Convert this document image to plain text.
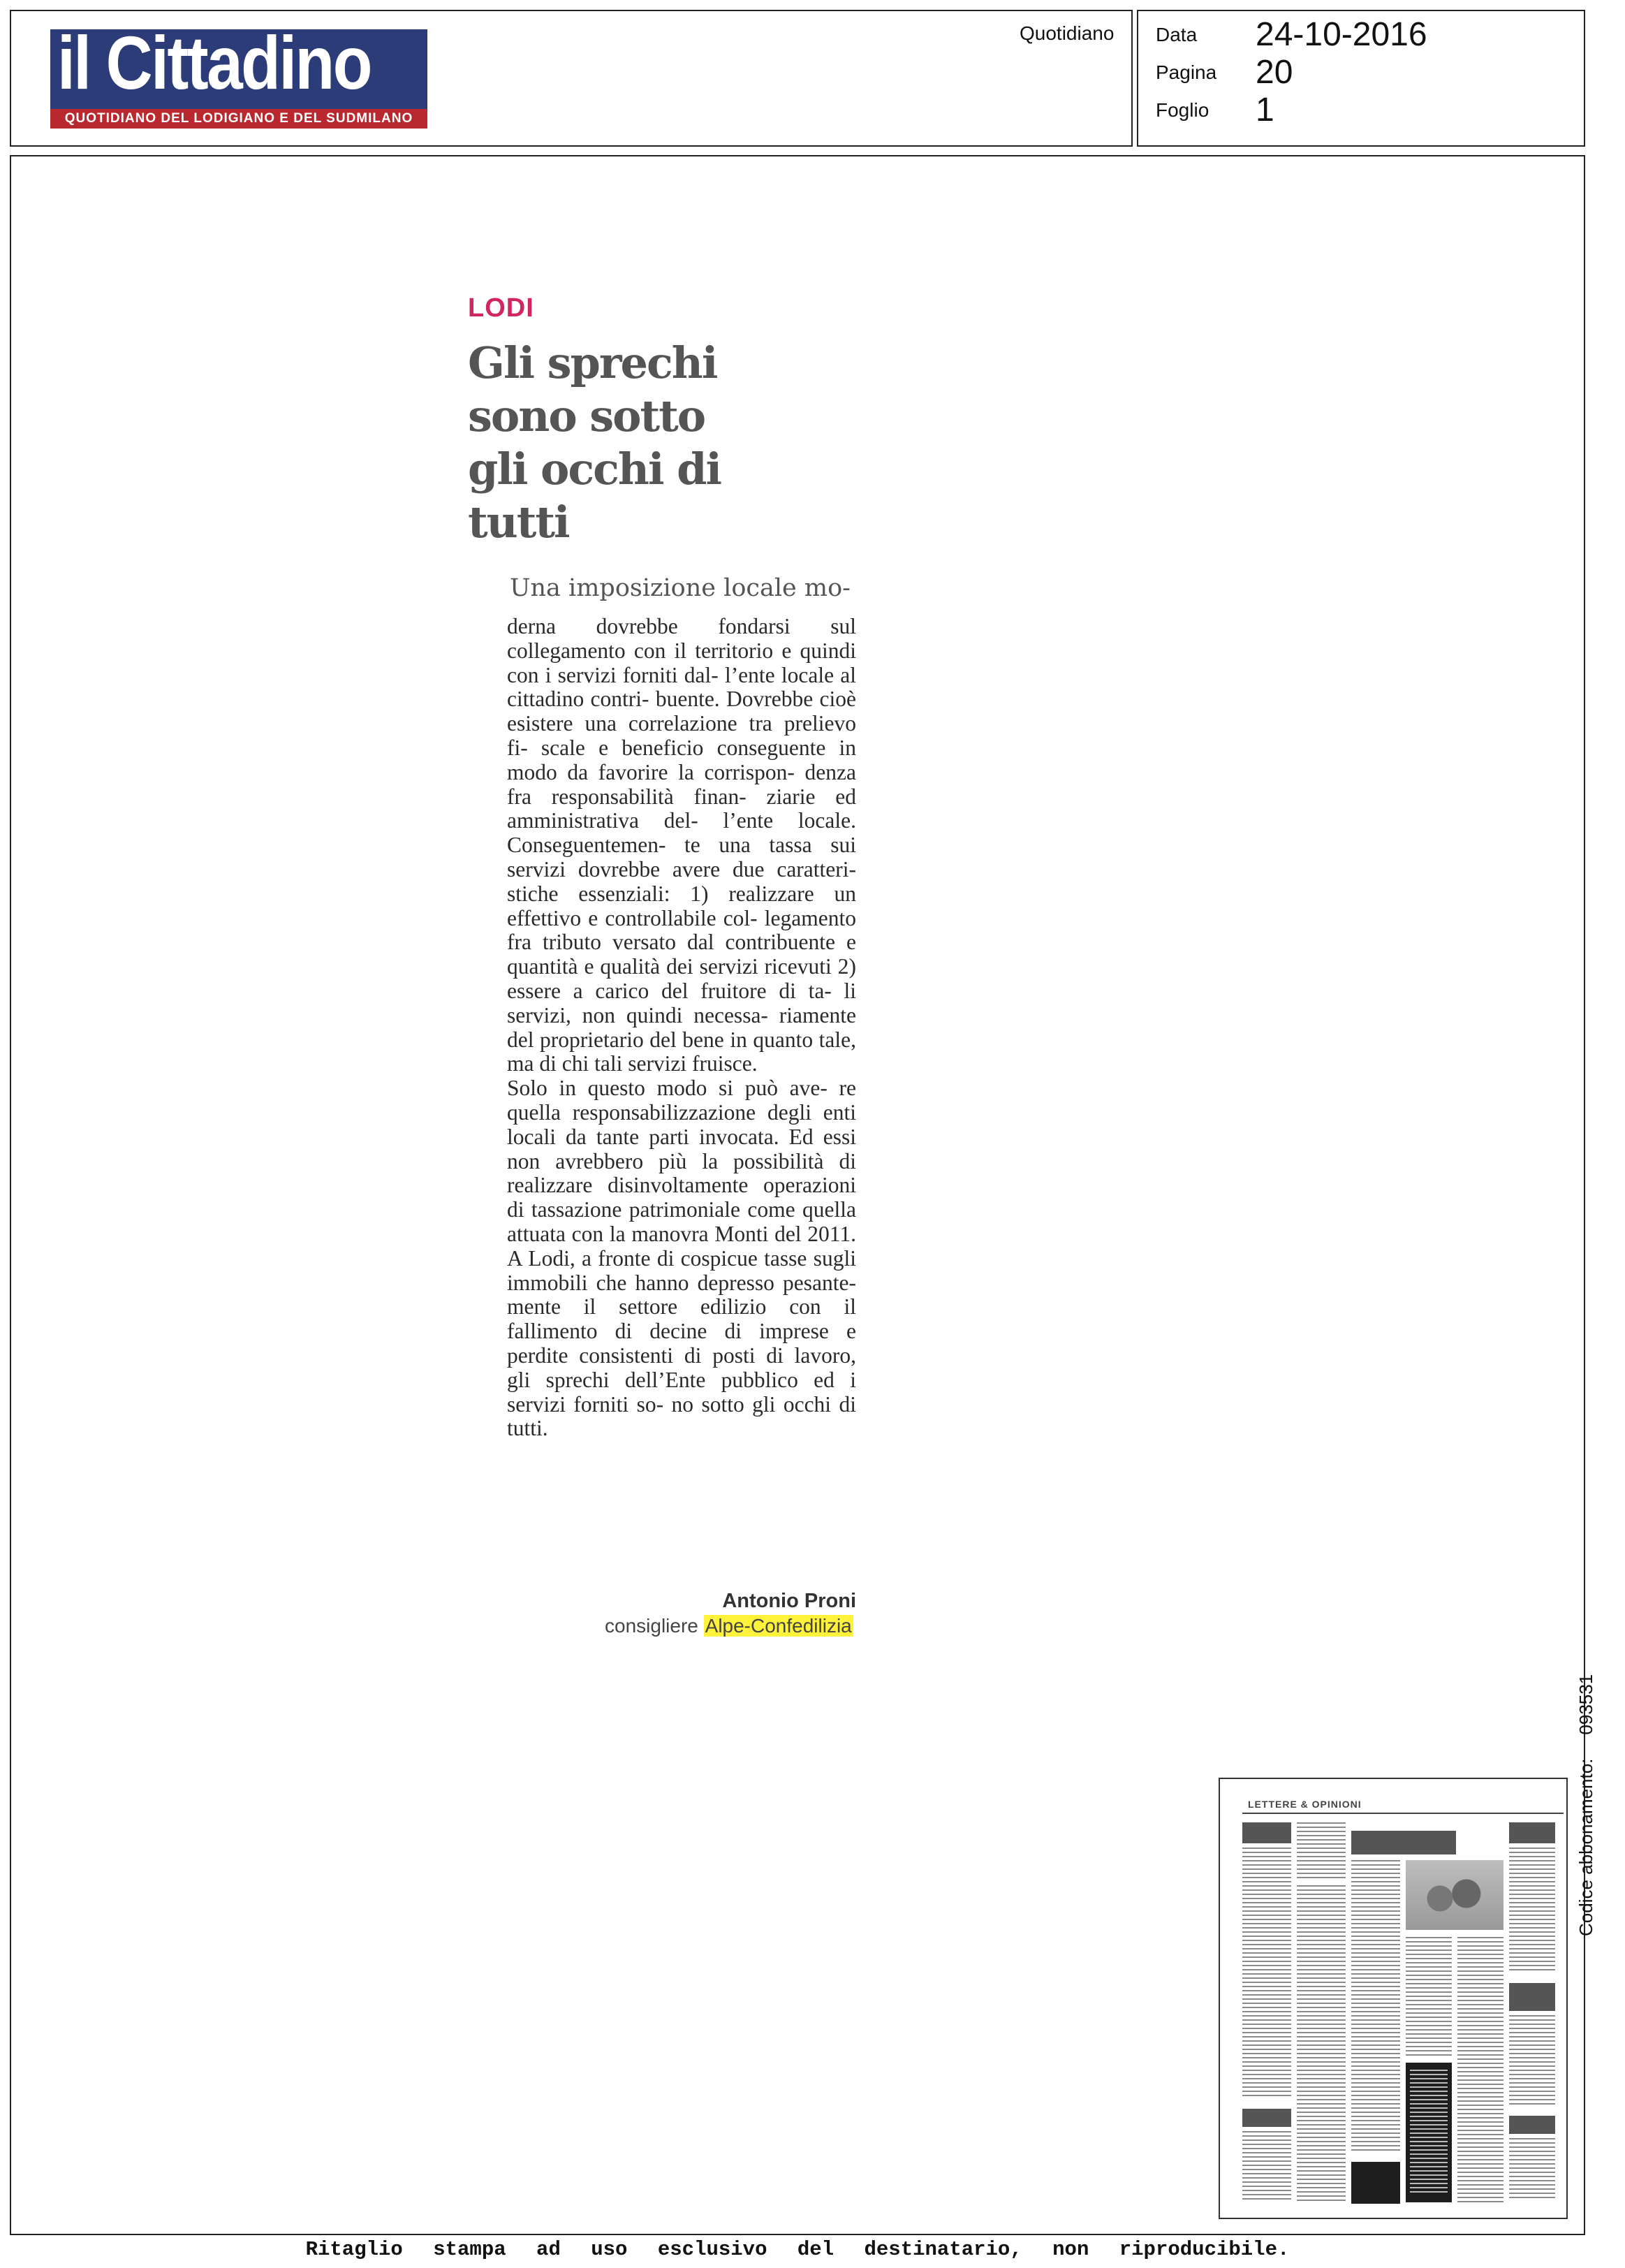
il Cittadino
QUOTIDIANO DEL LODIGIANO E DEL SUDMILANO
Quotidiano Data 24-10-2016
Pagina 20
Foglio 1
LODI
Gli sprechi sono sotto gli occhi di tutti
Una imposizione locale mo-

derna dovrebbe fondarsi sul collegamento con il territorio e quindi con i servizi forniti dal- l’ente locale al cittadino contri- buente. Dovrebbe cioè esistere una correlazione tra prelievo fi- scale e beneficio conseguente in modo da favorire la corrispon- denza fra responsabilità finan- ziarie ed amministrativa del- l’ente locale. Conseguentemen- te una tassa sui servizi dovrebbe avere due caratteri- stiche essenziali: 1) realizzare un effettivo e controllabile col- legamento fra tributo versato dal contribuente e quantità e qualità dei servizi ricevuti 2) essere a carico del fruitore di ta- li servizi, non quindi necessa- riamente del proprietario del bene in quanto tale, ma di chi tali servizi fruisce.

Solo in questo modo si può ave- re quella responsabilizzazione degli enti locali da tante parti invocata. Ed essi non avrebbero più la possibilità di realizzare disinvoltamente operazioni di tassazione patrimoniale come quella attuata con la manovra Monti del 2011. A Lodi, a fronte di cospicue tasse sugli immobili che hanno depresso pesante- mente il settore edilizio con il fallimento di decine di imprese e perdite consistenti di posti di lavoro, gli sprechi dell’Ente pubblico ed i servizi forniti so- no sotto gli occhi di tutti.

Antonio Proni
consigliere Alpe-Confedilizia
LETTERE & OPINIONI	Codice abbonamento:093531
Ritaglio stampa ad uso esclusivo del destinatario, non riproducibile.
